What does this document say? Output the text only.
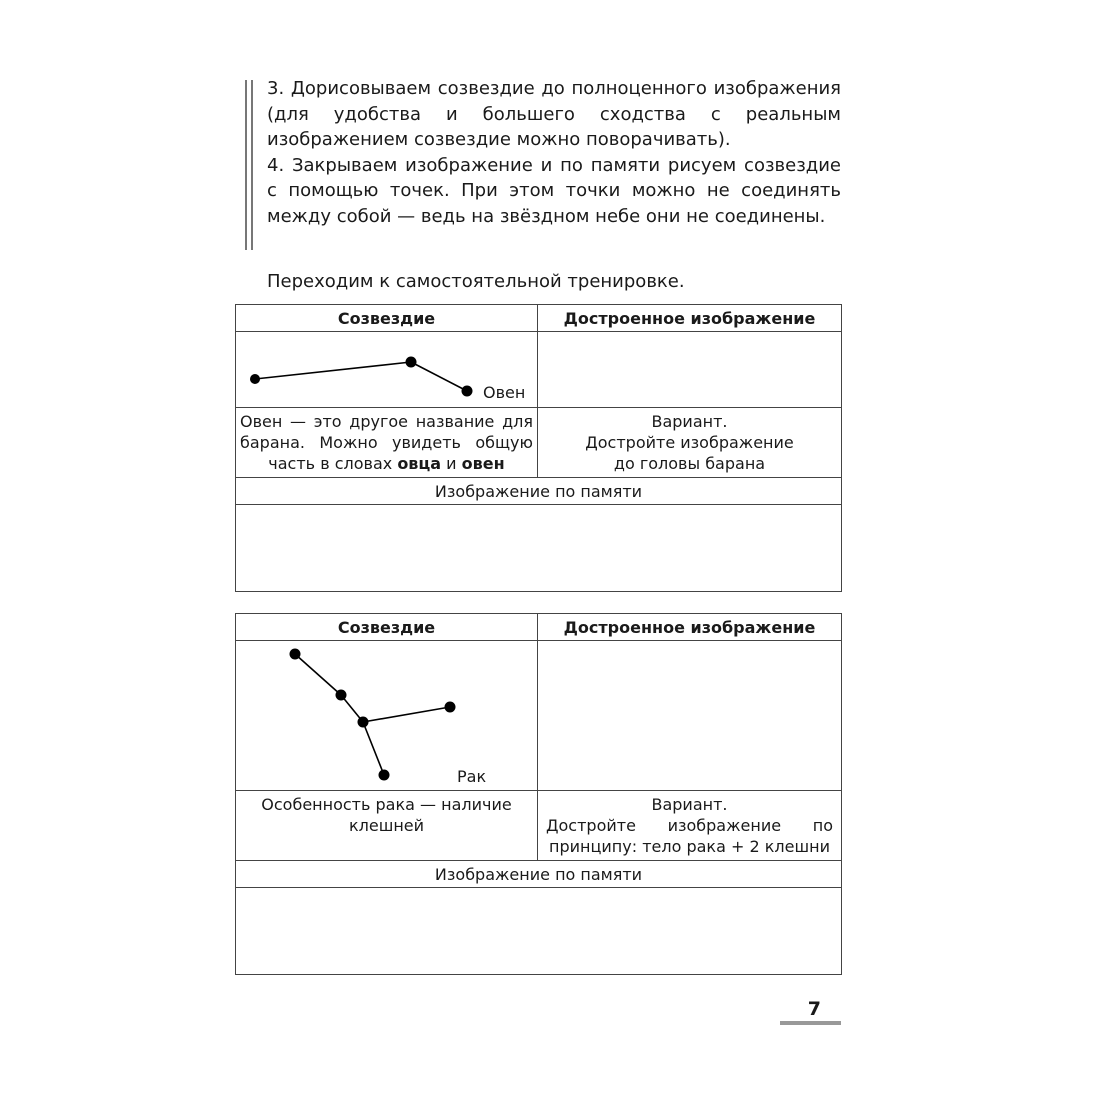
3. Дорисовываем созвездие до полноценного изображения (для удобства и большего сходства с реальным изображением созвездие можно поворачивать).

4. Закрываем изображение и по памяти рисуем созвездие с помощью точек. При этом точки можно не соединять между собой — ведь на звёздном небе они не соединены.

Переходим к самостоятельной тренировке.
Созвездие	Достроенное изображение

Овен	

Овен — это другое название для барана. Можно увидеть общую часть в словах овца и овен	Вариант.
Достройте изображение
до головы барана

Изображение по памяти	

Созвездие	Достроенное изображение

Рак	

Особенность рака — наличие клешней	Вариант.
Достройте изображение по принципу: тело рака + 2 клешни

Изображение по памяти	

7
